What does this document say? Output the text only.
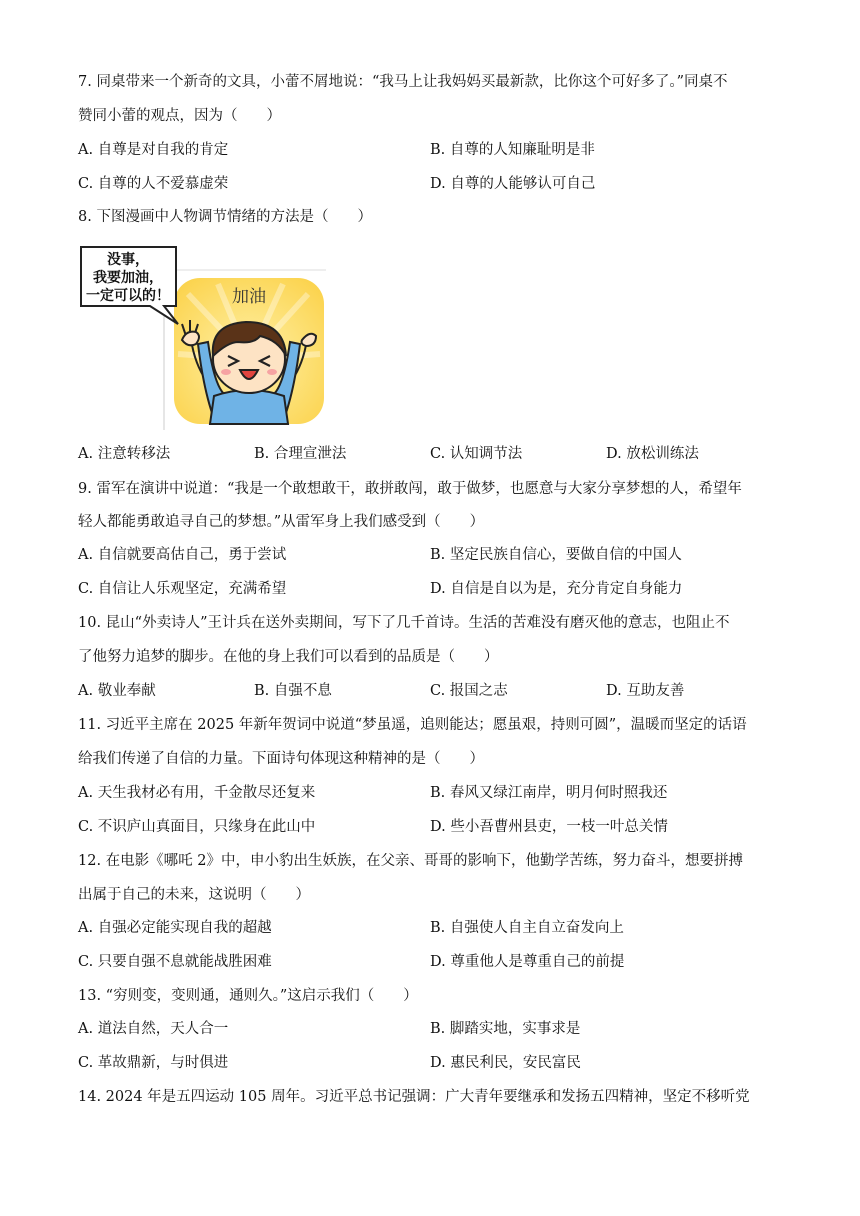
7. 同桌带来一个新奇的文具，小蕾不屑地说：“我马上让我妈妈买最新款，比你这个可好多了。”同桌不
赞同小蕾的观点，因为（　　）
A. 自尊是对自我的肯定	B. 自尊的人知廉耻明是非
C. 自尊的人不爱慕虚荣	D. 自尊的人能够认可自己
8. 下图漫画中人物调节情绪的方法是（　　）
加油
没事，
我要加油，
一定可以的！
A. 注意转移法	B. 合理宣泄法	C. 认知调节法	D. 放松训练法
9. 雷军在演讲中说道：“我是一个敢想敢干，敢拼敢闯，敢于做梦，也愿意与大家分享梦想的人，希望年
轻人都能勇敢追寻自己的梦想。”从雷军身上我们感受到（　　）
A. 自信就要高估自己，勇于尝试	B. 坚定民族自信心，要做自信的中国人
C. 自信让人乐观坚定，充满希望	D. 自信是自以为是，充分肯定自身能力
10. 昆山“外卖诗人”王计兵在送外卖期间，写下了几千首诗。生活的苦难没有磨灭他的意志，也阻止不
了他努力追梦的脚步。在他的身上我们可以看到的品质是（　　）
A. 敬业奉献	B. 自强不息	C. 报国之志	D. 互助友善
11. 习近平主席在 2025 年新年贺词中说道“梦虽遥，追则能达；愿虽艰，持则可圆”，温暖而坚定的话语
给我们传递了自信的力量。下面诗句体现这种精神的是（　　）
A. 天生我材必有用，千金散尽还复来	B. 春风又绿江南岸，明月何时照我还
C. 不识庐山真面目，只缘身在此山中	D. 些小吾曹州县吏，一枝一叶总关情
12. 在电影《哪吒 2》中，申小豹出生妖族，在父亲、哥哥的影响下，他勤学苦练，努力奋斗，想要拼搏
出属于自己的未来，这说明（　　）
A. 自强必定能实现自我的超越	B. 自强使人自主自立奋发向上
C. 只要自强不息就能战胜困难	D. 尊重他人是尊重自己的前提
13. “穷则变，变则通，通则久。”这启示我们（　　）
A. 道法自然，天人合一	B. 脚踏实地，实事求是
C. 革故鼎新，与时俱进	D. 惠民利民，安民富民
14. 2024 年是五四运动 105 周年。习近平总书记强调：广大青年要继承和发扬五四精神，坚定不移听党
